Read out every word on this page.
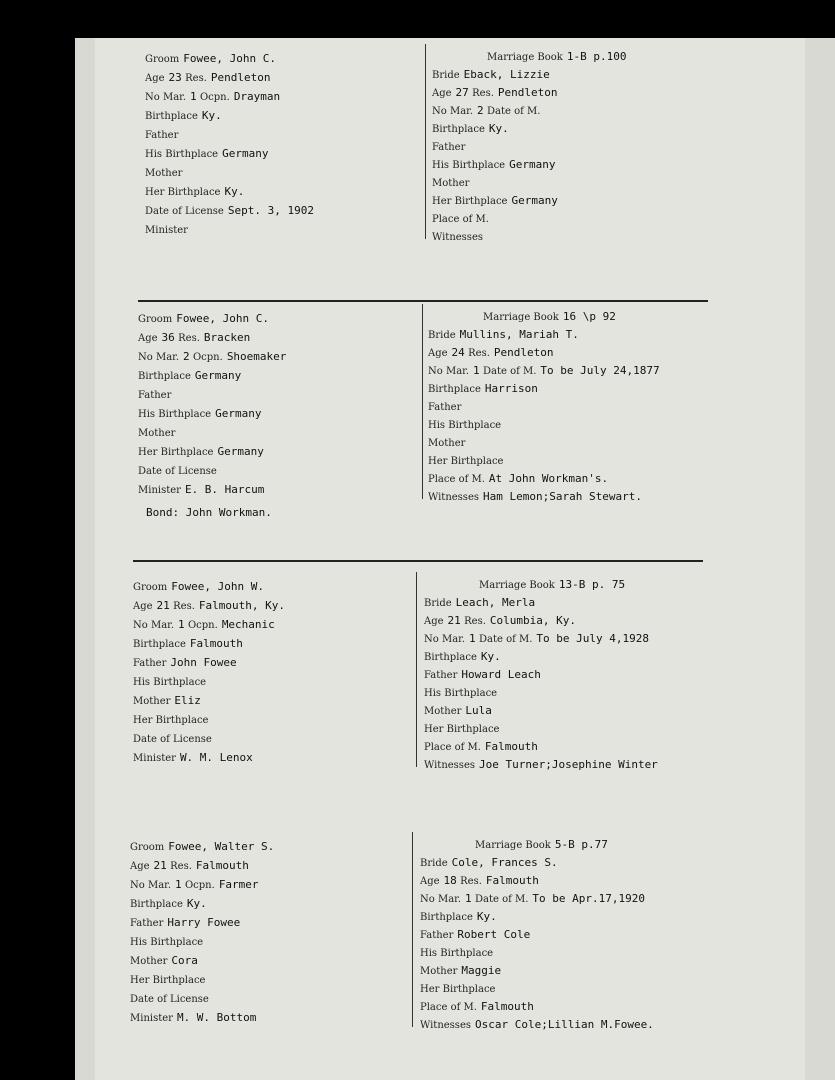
Groom Fowee, John C.
Age 23 Res. Pendleton
No Mar. 1 Ocpn. Drayman
Birthplace Ky.
Father
His Birthplace Germany
Mother
Her Birthplace Ky.
Date of License Sept. 3, 1902
Minister
Marriage Book 1-B p.100
Bride Eback, Lizzie
Age 27 Res. Pendleton
No Mar. 2 Date of M.
Birthplace Ky.
Father
His Birthplace Germany
Mother
Her Birthplace Germany
Place of M.
Witnesses
Groom Fowee, John C.
Age 36 Res. Bracken
No Mar. 2 Ocpn. Shoemaker
Birthplace Germany
Father
His Birthplace Germany
Mother
Her Birthplace Germany
Date of License
Minister E. B. Harcum
Marriage Book 16 \p 92
Bride Mullins, Mariah T.
Age 24 Res. Pendleton
No Mar. 1 Date of M. To be July 24,1877
Birthplace Harrison
Father
His Birthplace
Mother
Her Birthplace
Place of M. At John Workman's.
Witnesses Ham Lemon;Sarah Stewart.
Bond: John Workman.
Groom Fowee, John W.
Age 21 Res. Falmouth, Ky.
No Mar. 1 Ocpn. Mechanic
Birthplace Falmouth
Father John Fowee
His Birthplace
Mother Eliz
Her Birthplace
Date of License
Minister W. M. Lenox
Marriage Book 13-B p. 75
Bride Leach, Merla
Age 21 Res. Columbia, Ky.
No Mar. 1 Date of M. To be July 4,1928
Birthplace Ky.
Father Howard Leach
His Birthplace
Mother Lula
Her Birthplace
Place of M. Falmouth
Witnesses Joe Turner;Josephine Winter
Groom Fowee, Walter S.
Age 21 Res. Falmouth
No Mar. 1 Ocpn. Farmer
Birthplace Ky.
Father Harry Fowee
His Birthplace
Mother Cora
Her Birthplace
Date of License
Minister M. W. Bottom
Marriage Book 5-B p.77
Bride Cole, Frances S.
Age 18 Res. Falmouth
No Mar. 1 Date of M. To be Apr.17,1920
Birthplace Ky.
Father Robert Cole
His Birthplace
Mother Maggie
Her Birthplace
Place of M. Falmouth
Witnesses Oscar Cole;Lillian M.Fowee.
